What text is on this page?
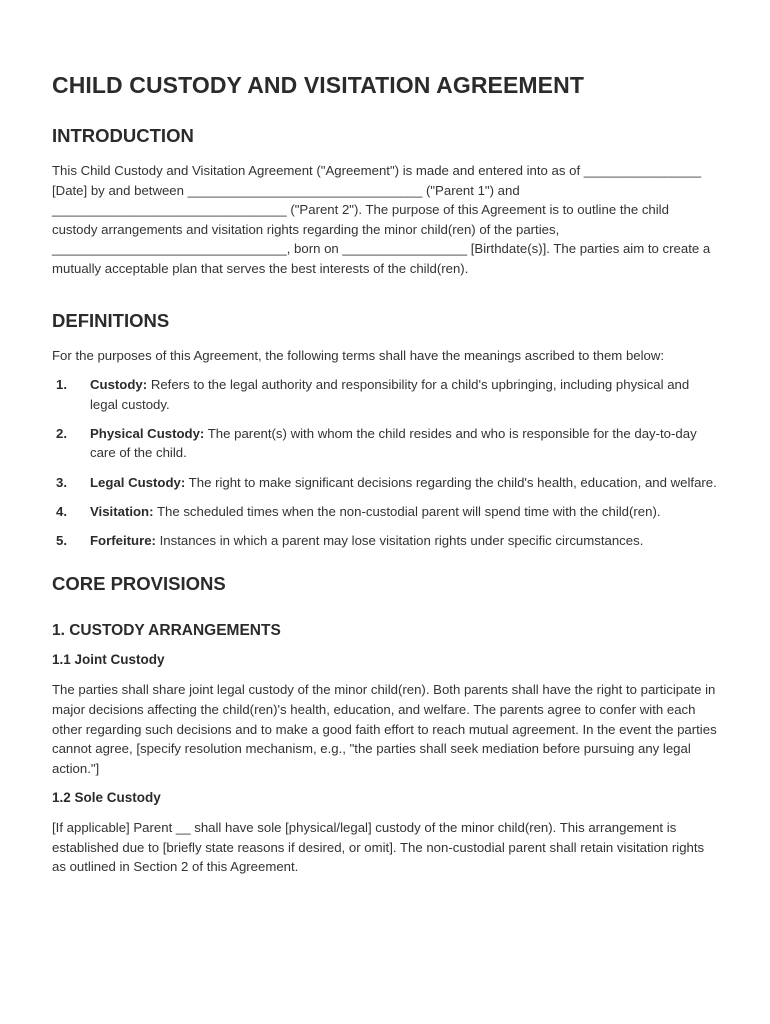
CHILD CUSTODY AND VISITATION AGREEMENT
INTRODUCTION

This Child Custody and Visitation Agreement ("Agreement") is made and entered into as of ________________ [Date] by and between ________________________________ ("Parent 1") and ________________________________ ("Parent 2"). The purpose of this Agreement is to outline the child custody arrangements and visitation rights regarding the minor child(ren) of the parties, ________________________________, born on _________________ [Birthdate(s)]. The parties aim to create a mutually acceptable plan that serves the best interests of the child(ren).

DEFINITIONS

For the purposes of this Agreement, the following terms shall have the meanings ascribed to them below:

1. Custody: Refers to the legal authority and responsibility for a child's upbringing, including physical and legal custody.
2. Physical Custody: The parent(s) with whom the child resides and who is responsible for the day-to-day care of the child.
3. Legal Custody: The right to make significant decisions regarding the child's health, education, and welfare.
4. Visitation: The scheduled times when the non-custodial parent will spend time with the child(ren).
5. Forfeiture: Instances in which a parent may lose visitation rights under specific circumstances.
CORE PROVISIONS
1. CUSTODY ARRANGEMENTS
1.1 Joint Custody

The parties shall share joint legal custody of the minor child(ren). Both parents shall have the right to participate in major decisions affecting the child(ren)'s health, education, and welfare. The parents agree to confer with each other regarding such decisions and to make a good faith effort to reach mutual agreement. In the event the parties cannot agree, [specify resolution mechanism, e.g., "the parties shall seek mediation before pursuing any legal action."]

1.2 Sole Custody

[If applicable] Parent __ shall have sole [physical/legal] custody of the minor child(ren). This arrangement is established due to [briefly state reasons if desired, or omit]. The non-custodial parent shall retain visitation rights as outlined in Section 2 of this Agreement.
